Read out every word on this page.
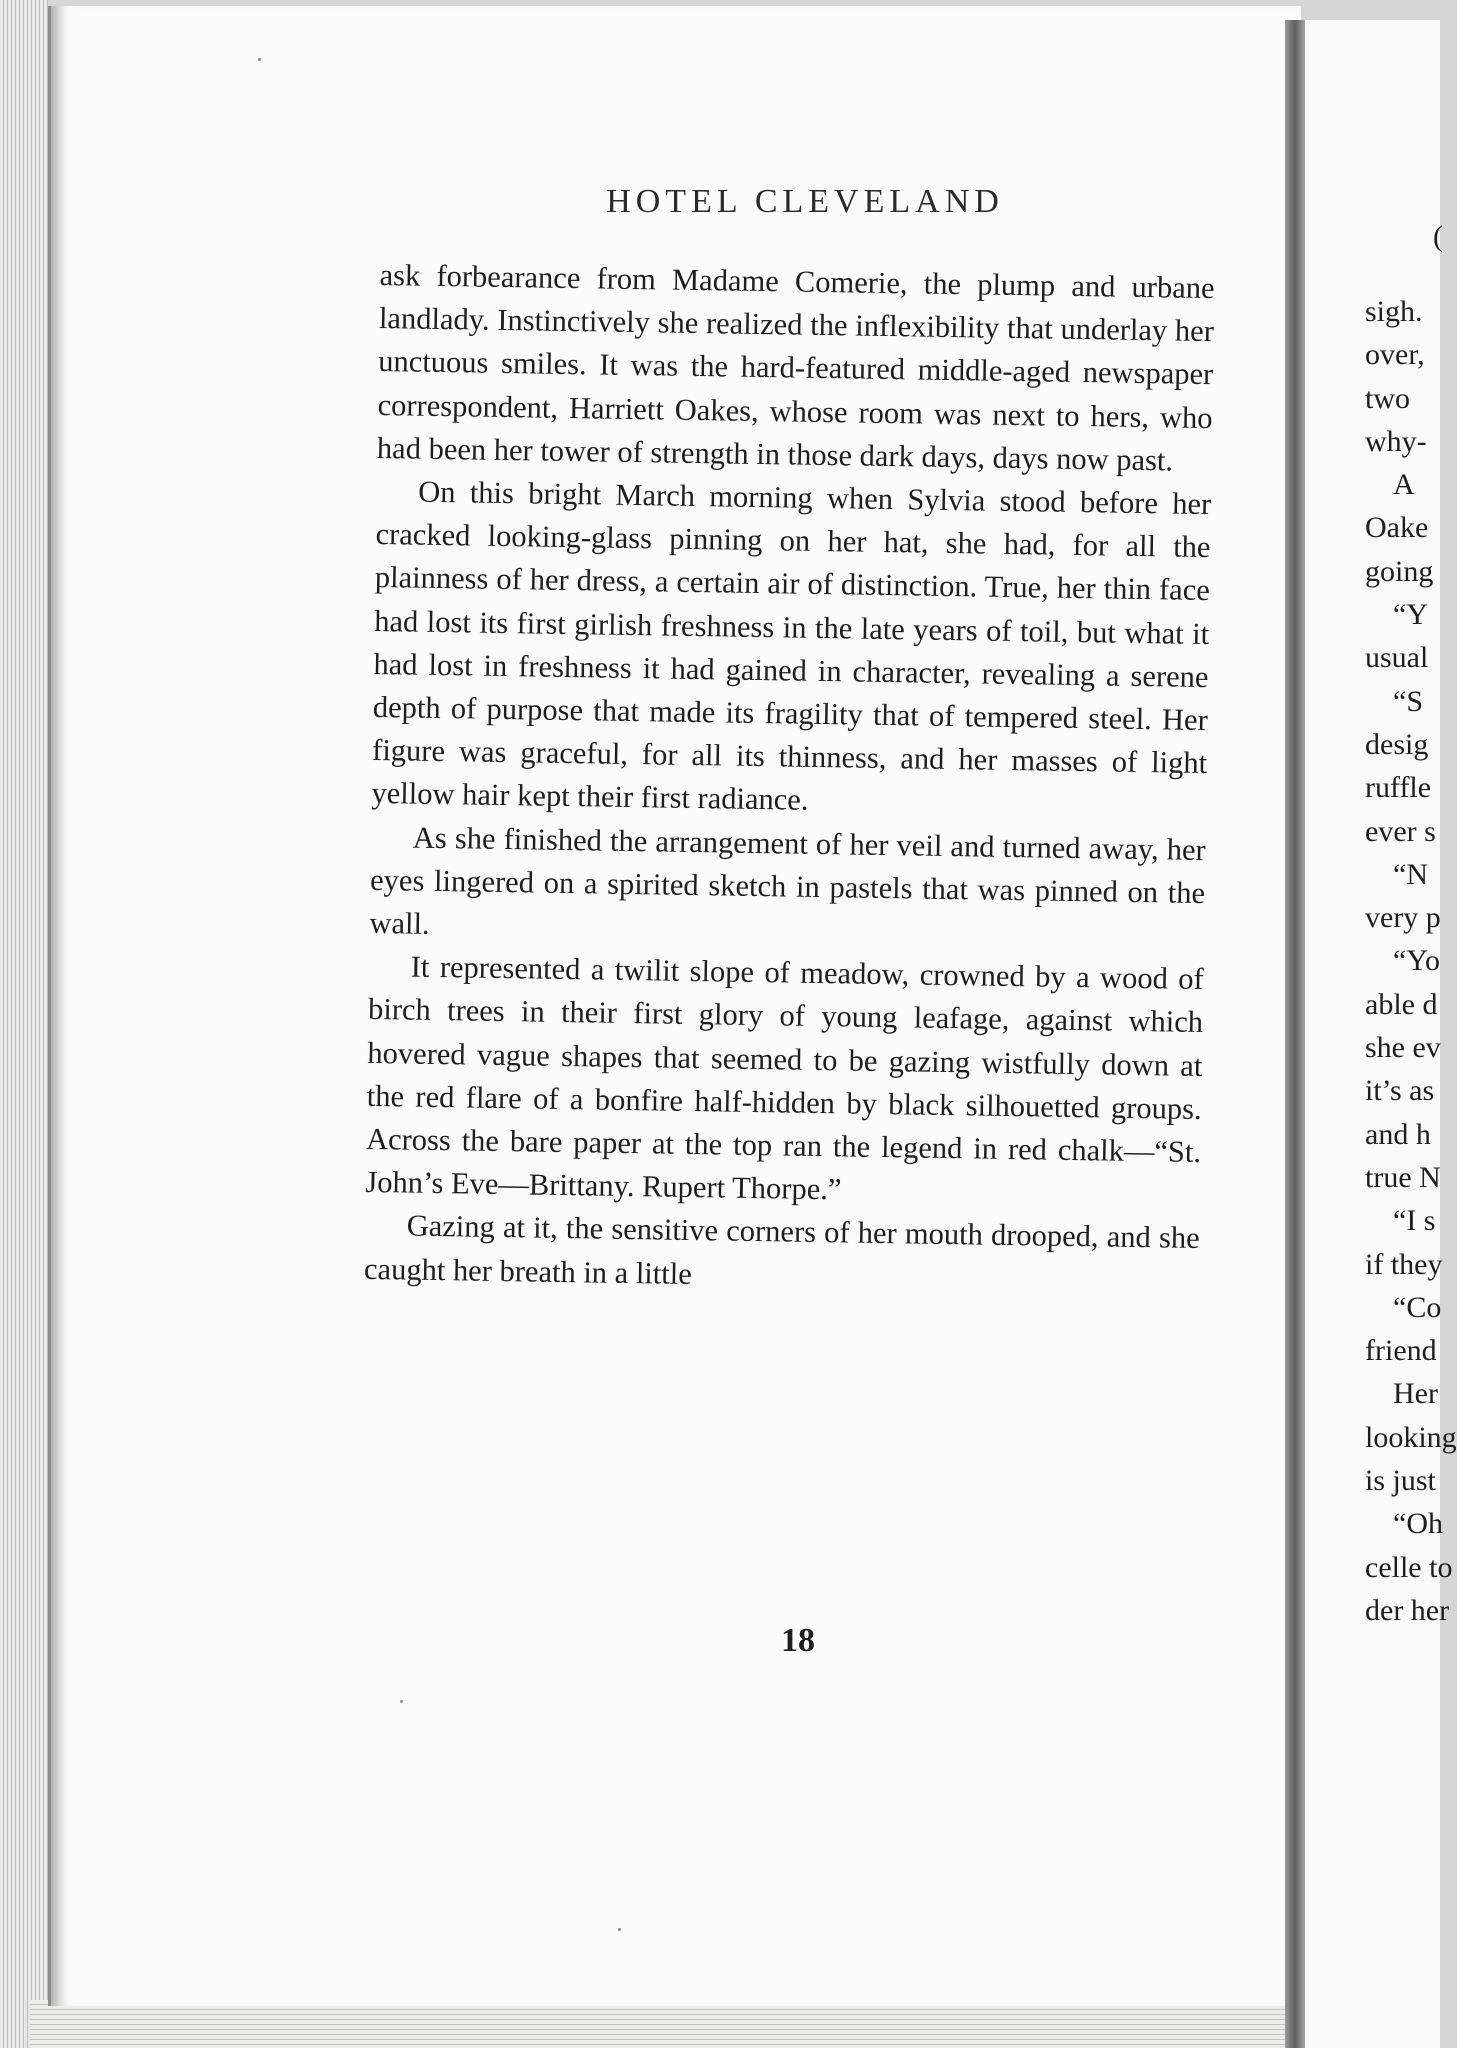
HOTEL CLEVELAND

ask forbearance from Madame Comerie, the plump and urbane landlady. Instinctively she realized the inflexibility that underlay her unctuous smiles. It was the hard-featured middle-aged newspaper correspondent, Harriett Oakes, whose room was next to hers, who had been her tower of strength in those dark days, days now past.

On this bright March morning when Sylvia stood before her cracked looking-glass pinning on her hat, she had, for all the plainness of her dress, a certain air of distinction. True, her thin face had lost its first girlish freshness in the late years of toil, but what it had lost in freshness it had gained in character, revealing a serene depth of purpose that made its fragility that of tempered steel. Her figure was graceful, for all its thinness, and her masses of light yellow hair kept their first radiance.

As she finished the arrangement of her veil and turned away, her eyes lingered on a spirited sketch in pastels that was pinned on the wall.

It represented a twilit slope of meadow, crowned by a wood of birch trees in their first glory of young leafage, against which hovered vague shapes that seemed to be gazing wistfully down at the red flare of a bonfire half-hidden by black silhouetted groups. Across the bare paper at the top ran the legend in red chalk—“St. John’s Eve—Brittany. Rupert Thorpe.”

Gazing at it, the sensitive corners of her mouth drooped, and she caught her breath in a little

18
(
sigh.
over,
two
why-
A
Oake
going
“Y
usual
“S
desig
ruffle
ever s
“N
very p
“Yo
able d
she ev
it’s as
and h
true N
“I s
if they
“Co
friend
Her
looking
is just
“Oh
celle to
der her
